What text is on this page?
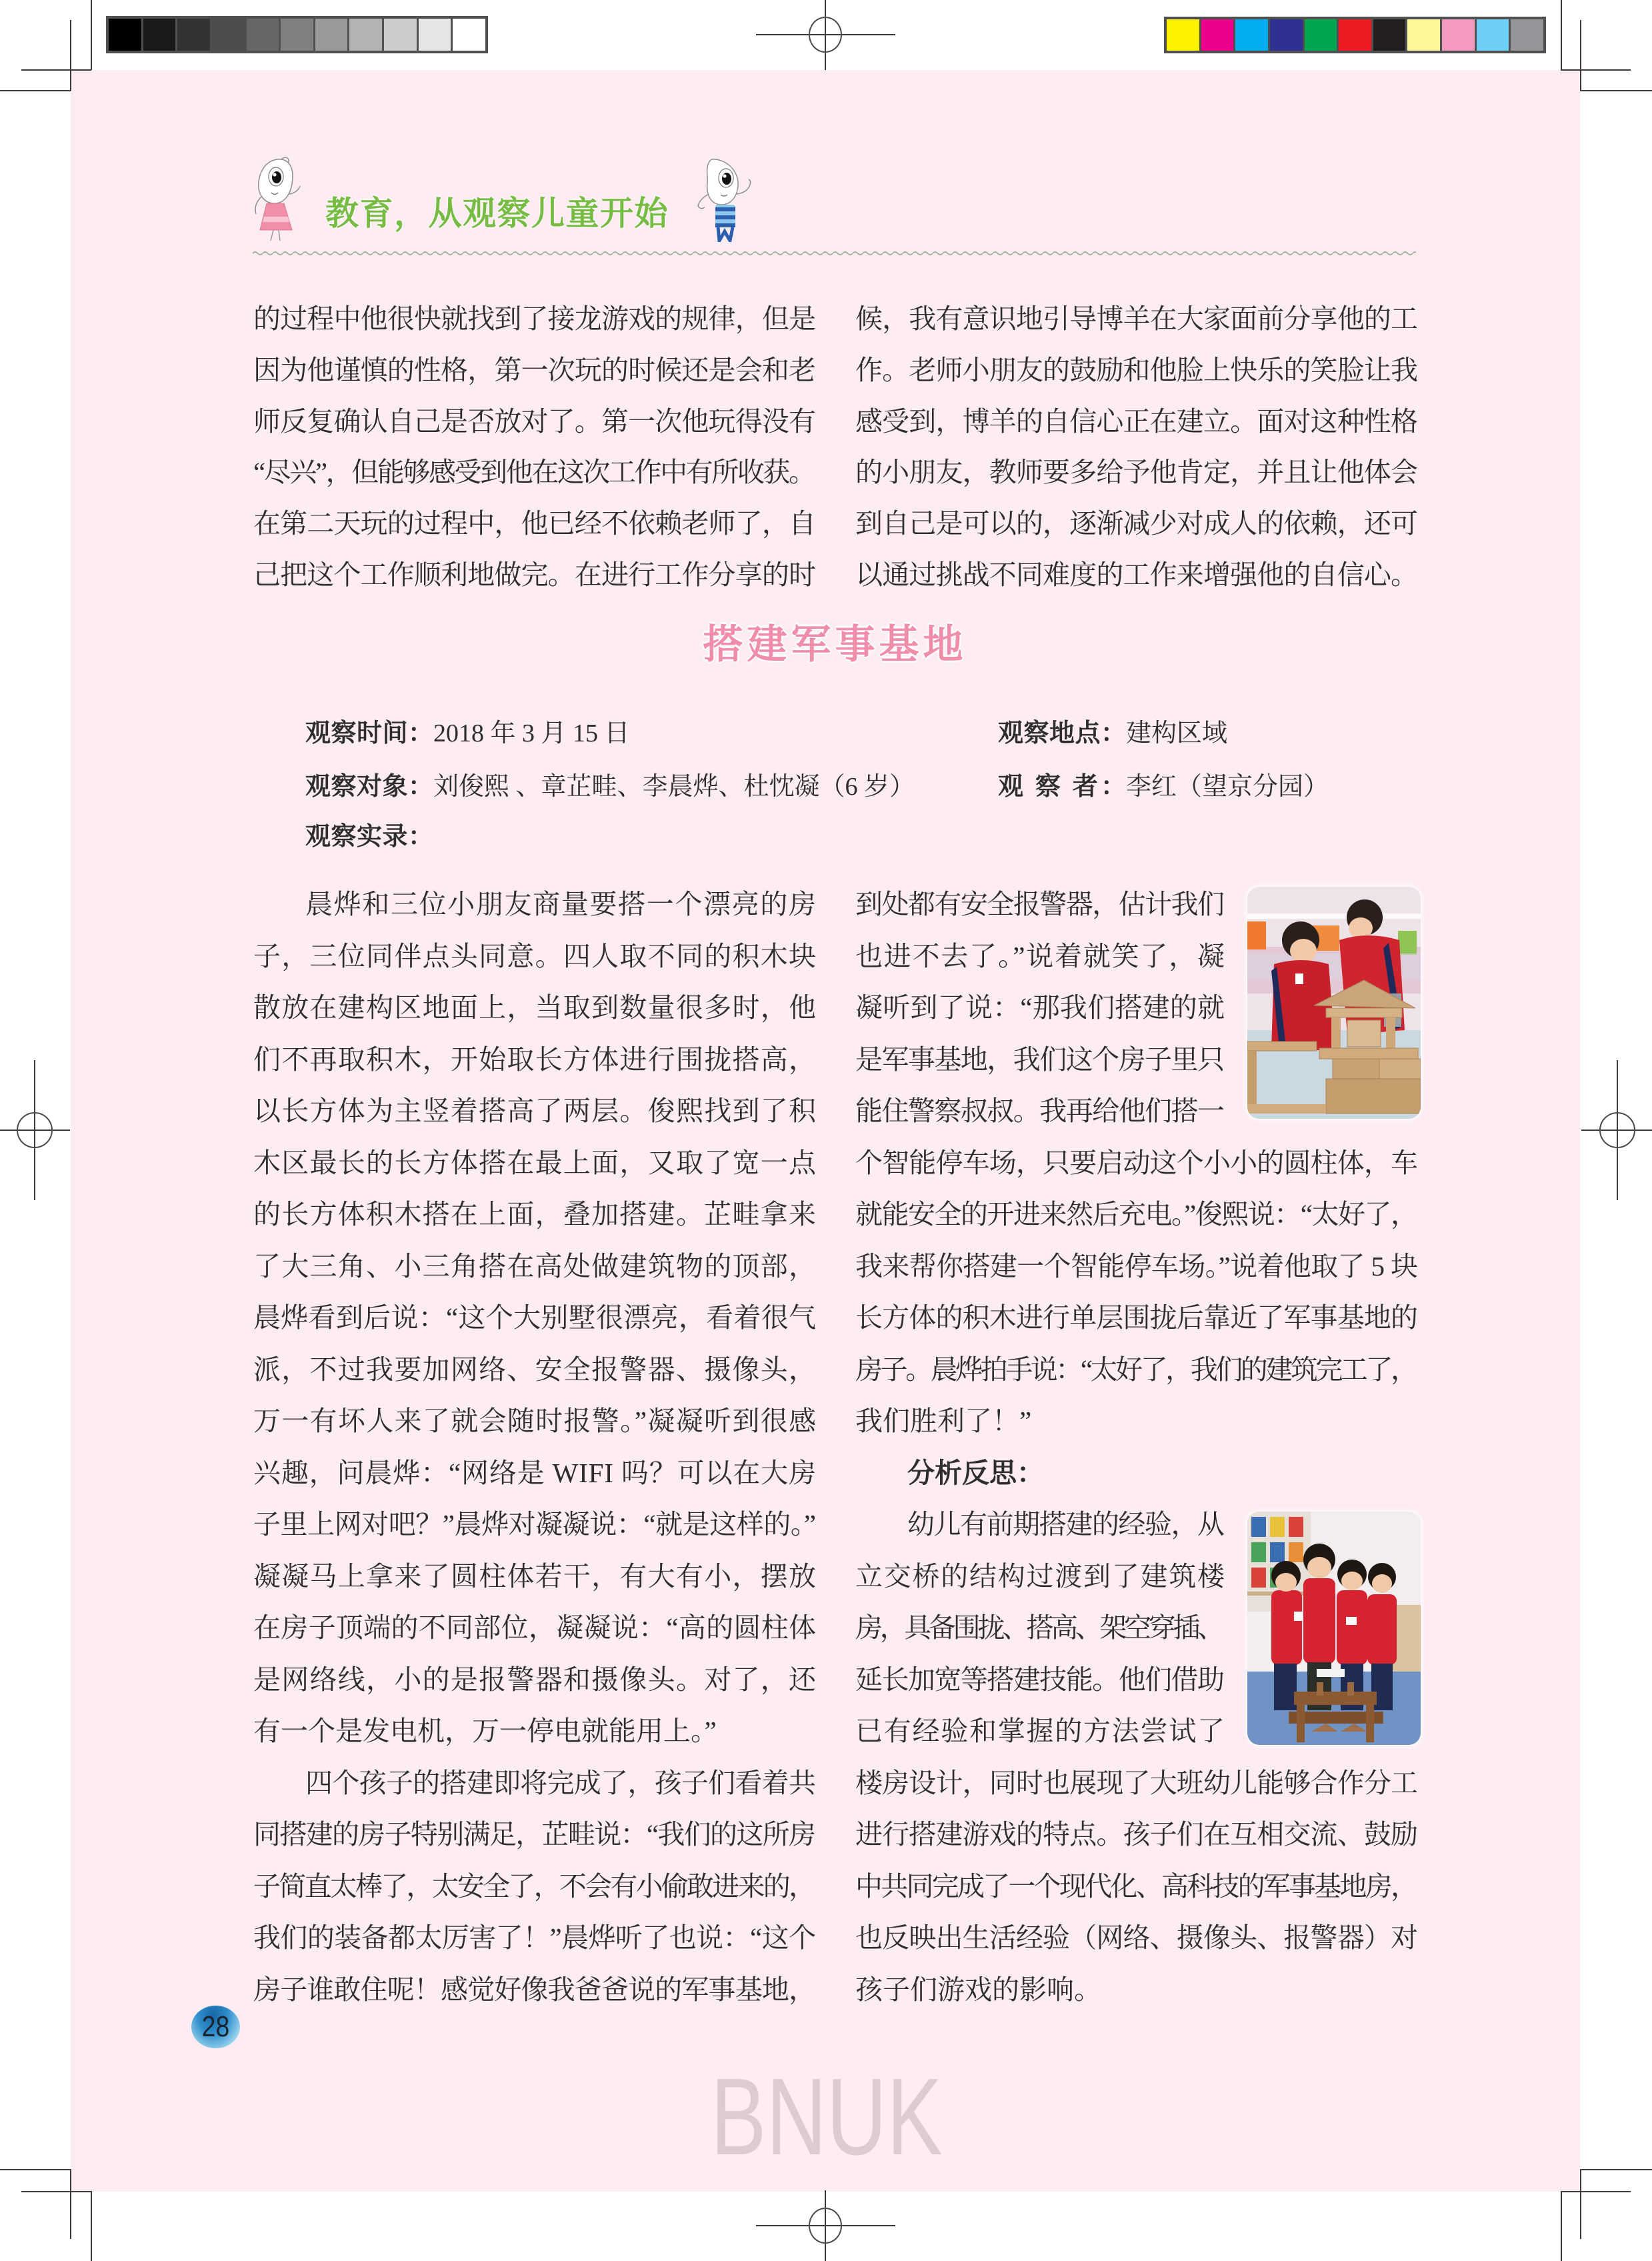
教育，从观察儿童开始
的过程中他很快就找到了接龙游戏的规律，但是
因为他谨慎的性格，第一次玩的时候还是会和老
师反复确认自己是否放对了。第一次他玩得没有
“尽兴”，但能够感受到他在这次工作中有所收获。
在第二天玩的过程中，他已经不依赖老师了，自
己把这个工作顺利地做完。在进行工作分享的时
候，我有意识地引导博羊在大家面前分享他的工
作。老师小朋友的鼓励和他脸上快乐的笑脸让我
感受到，博羊的自信心正在建立。面对这种性格
的小朋友，教师要多给予他肯定，并且让他体会
到自己是可以的，逐渐减少对成人的依赖，还可
以通过挑战不同难度的工作来增强他的自信心。
搭建军事基地
观察时间：2018 年 3 月 15 日	观察地点：建构区域
观察对象：刘俊熙 、章芷畦、李晨烨、杜忱凝（6 岁）	观 察 者：李红（望京分园）
观察实录：
晨烨和三位小朋友商量要搭一个漂亮的房
子，三位同伴点头同意。四人取不同的积木块
散放在建构区地面上，当取到数量很多时，他
们不再取积木，开始取长方体进行围拢搭高，
以长方体为主竖着搭高了两层。俊熙找到了积
木区最长的长方体搭在最上面，又取了宽一点
的长方体积木搭在上面，叠加搭建。芷畦拿来
了大三角、小三角搭在高处做建筑物的顶部，
晨烨看到后说：“这个大别墅很漂亮，看着很气
派，不过我要加网络、安全报警器、摄像头，
万一有坏人来了就会随时报警。”凝凝听到很感
兴趣，问晨烨：“网络是 WIFI 吗？可以在大房
子里上网对吧？”晨烨对凝凝说：“就是这样的。”
凝凝马上拿来了圆柱体若干，有大有小，摆放
在房子顶端的不同部位，凝凝说：“高的圆柱体
是网络线，小的是报警器和摄像头。对了，还
有一个是发电机，万一停电就能用上。”
四个孩子的搭建即将完成了，孩子们看着共
同搭建的房子特别满足，芷畦说：“我们的这所房
子简直太棒了，太安全了，不会有小偷敢进来的，
我们的装备都太厉害了！”晨烨听了也说：“这个
房子谁敢住呢！感觉好像我爸爸说的军事基地，
到处都有安全报警器，估计我们
也进不去了。”说着就笑了，凝
凝听到了说：“那我们搭建的就
是军事基地，我们这个房子里只
能住警察叔叔。我再给他们搭一
个智能停车场，只要启动这个小小的圆柱体，车
就能安全的开进来然后充电。”俊熙说：“太好了，
我来帮你搭建一个智能停车场。”说着他取了 5 块
长方体的积木进行单层围拢后靠近了军事基地的
房子。晨烨拍手说：“太好了，我们的建筑完工了，
我们胜利了！”
分析反思：
幼儿有前期搭建的经验，从
立交桥的结构过渡到了建筑楼
房，具备围拢、搭高、架空穿插、
延长加宽等搭建技能。他们借助
已有经验和掌握的方法尝试了
楼房设计，同时也展现了大班幼儿能够合作分工
进行搭建游戏的特点。孩子们在互相交流、鼓励
中共同完成了一个现代化、高科技的军事基地房，
也反映出生活经验（网络、摄像头、报警器）对
孩子们游戏的影响。
28
BNUK
